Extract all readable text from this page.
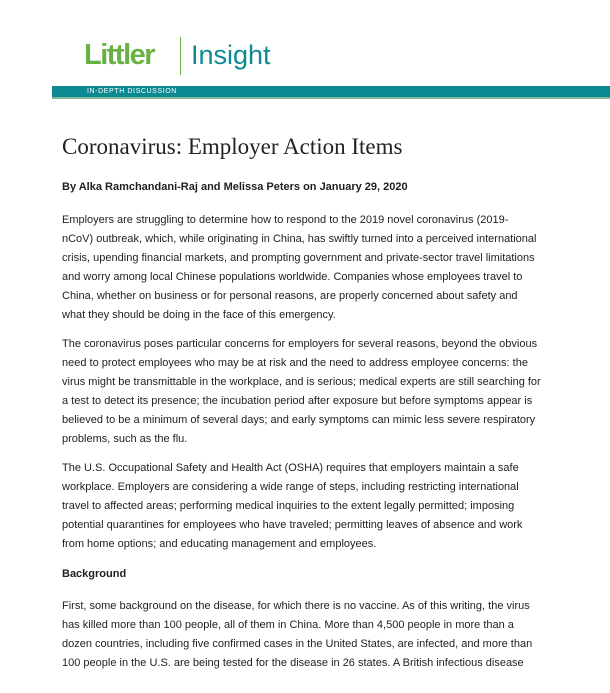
Littler Insight
IN-DEPTH DISCUSSION
Coronavirus: Employer Action Items
By Alka Ramchandani-Raj and Melissa Peters on January 29, 2020

Employers are struggling to determine how to respond to the 2019 novel coronavirus (2019-
nCoV) outbreak, which, while originating in China, has swiftly turned into a perceived international
crisis, upending financial markets, and prompting government and private-sector travel limitations
and worry among local Chinese populations worldwide. Companies whose employees travel to
China, whether on business or for personal reasons, are properly concerned about safety and
what they should be doing in the face of this emergency.

The coronavirus poses particular concerns for employers for several reasons, beyond the obvious
need to protect employees who may be at risk and the need to address employee concerns: the
virus might be transmittable in the workplace, and is serious; medical experts are still searching for
a test to detect its presence; the incubation period after exposure but before symptoms appear is
believed to be a minimum of several days; and early symptoms can mimic less severe respiratory
problems, such as the flu.

The U.S. Occupational Safety and Health Act (OSHA) requires that employers maintain a safe
workplace. Employers are considering a wide range of steps, including restricting international
travel to affected areas; performing medical inquiries to the extent legally permitted; imposing
potential quarantines for employees who have traveled; permitting leaves of absence and work
from home options; and educating management and employees.

Background

First, some background on the disease, for which there is no vaccine. As of this writing, the virus
has killed more than 100 people, all of them in China. More than 4,500 people in more than a
dozen countries, including five confirmed cases in the United States, are infected, and more than
100 people in the U.S. are being tested for the disease in 26 states. A British infectious disease
